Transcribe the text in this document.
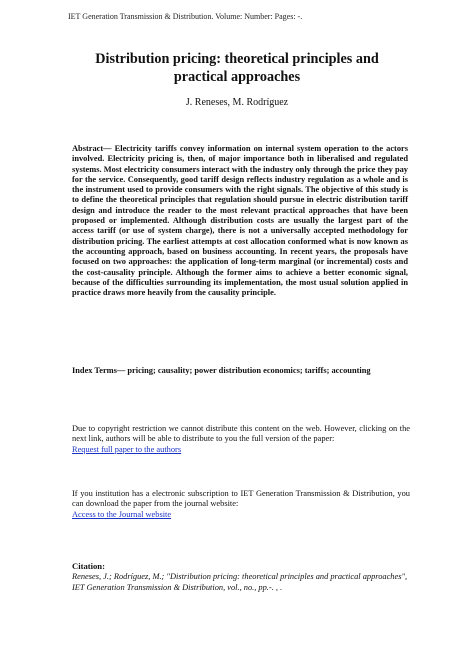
IET Generation Transmission & Distribution. Volume: Number: Pages: -.
Distribution pricing: theoretical principles and
practical approaches
J. Reneses, M. Rodríguez

Abstract— Electricity tariffs convey information on internal system operation to the actors involved. Electricity pricing is, then, of major importance both in liberalised and regulated systems. Most electricity consumers interact with the industry only through the price they pay for the service. Consequently, good tariff design reflects industry regulation as a whole and is the instrument used to provide consumers with the right signals. The objective of this study is to define the theoretical principles that regulation should pursue in electric distribution tariff design and introduce the reader to the most relevant practical approaches that have been proposed or implemented. Although distribution costs are usually the largest part of the access tariff (or use of system charge), there is not a universally accepted methodology for distribution pricing. The earliest attempts at cost allocation conformed what is now known as the accounting approach, based on business accounting. In recent years, the proposals have focused on two approaches: the application of long-term marginal (or incremental) costs and the cost-causality principle. Although the former aims to achieve a better economic signal, because of the difficulties surrounding its implementation, the most usual solution applied in practice draws more heavily from the causality principle.

Index Terms— pricing; causality; power distribution economics; tariffs; accounting

Due to copyright restriction we cannot distribute this content on the web. However, clicking on the next link, authors will be able to distribute to you the full version of the paper:
Request full paper to the authors

If you institution has a electronic subscription to IET Generation Transmission & Distribution, you can download the paper from the journal website:
Access to the Journal website

Citation:

Reneses, J.; Rodríguez, M.; "Distribution pricing: theoretical principles and practical approaches", IET Generation Transmission & Distribution, vol., no., pp.-. , .
